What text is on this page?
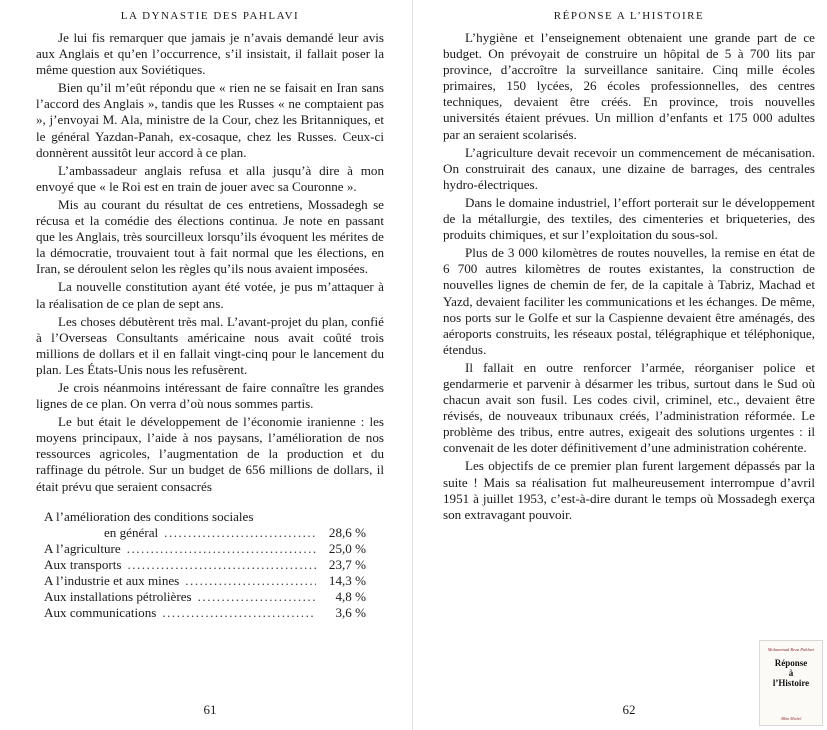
LA DYNASTIE DES PAHLAVI

Je lui fis remarquer que jamais je n’avais demandé leur avis aux Anglais et qu’en l’occurrence, s’il insistait, il fallait poser la même question aux Soviétiques.

Bien qu’il m’eût répondu que « rien ne se faisait en Iran sans l’accord des Anglais », tandis que les Russes « ne comptaient pas », j’envoyai M. Ala, ministre de la Cour, chez les Britanniques, et le général Yazdan-Panah, ex-cosaque, chez les Russes. Ceux-ci donnèrent aussitôt leur accord à ce plan.

L’ambassadeur anglais refusa et alla jusqu’à dire à mon envoyé que « le Roi est en train de jouer avec sa Couronne ».

Mis au courant du résultat de ces entretiens, Mossadegh se récusa et la comédie des élections continua. Je note en passant que les Anglais, très sourcilleux lorsqu’ils évoquent les mérites de la démocratie, trouvaient tout à fait normal que les élections, en Iran, se déroulent selon les règles qu’ils nous avaient imposées.

La nouvelle constitution ayant été votée, je pus m’attaquer à la réalisation de ce plan de sept ans.

Les choses débutèrent très mal. L’avant-projet du plan, confié à l’Overseas Consultants américaine nous avait coûté trois millions de dollars et il en fallait vingt-cinq pour le lancement du plan. Les États-Unis nous les refusèrent.

Je crois néanmoins intéressant de faire connaître les grandes lignes de ce plan. On verra d’où nous sommes partis.

Le but était le développement de l’économie iranienne : les moyens principaux, l’aide à nos paysans, l’amélioration de nos ressources agricoles, l’augmentation de la production et du raffinage du pétrole. Sur un budget de 656 millions de dollars, il était prévu que seraient consacrés

A l’amélioration des conditions sociales
en général .....	28,6 %
A l’agriculture .....	25,0 %
Aux transports .....	23,7 %
A l’industrie et aux mines .....	14,3 %
Aux installations pétrolières .....	4,8 %
Aux communications .....	3,6 %
61
RÉPONSE A L’HISTOIRE

L’hygiène et l’enseignement obtenaient une grande part de ce budget. On prévoyait de construire un hôpital de 5 à 700 lits par province, d’accroître la surveillance sanitaire. Cinq mille écoles primaires, 150 lycées, 26 écoles professionnelles, des centres techniques, devaient être créés. En province, trois nouvelles universités étaient prévues. Un million d’enfants et 175 000 adultes par an seraient scolarisés.

L’agriculture devait recevoir un commencement de mécanisation. On construirait des canaux, une dizaine de barrages, des centrales hydro-électriques.

Dans le domaine industriel, l’effort porterait sur le développement de la métallurgie, des textiles, des cimenteries et briqueteries, des produits chimiques, et sur l’exploitation du sous-sol.

Plus de 3 000 kilomètres de routes nouvelles, la remise en état de 6 700 autres kilomètres de routes existantes, la construction de nouvelles lignes de chemin de fer, de la capitale à Tabriz, Machad et Yazd, devaient faciliter les communications et les échanges. De même, nos ports sur le Golfe et sur la Caspienne devaient être aménagés, des aéroports construits, les réseaux postal, télégraphique et téléphonique, étendus.

Il fallait en outre renforcer l’armée, réorganiser police et gendarmerie et parvenir à désarmer les tribus, surtout dans le Sud où chacun avait son fusil. Les codes civil, criminel, etc., devaient être révisés, de nouveaux tribunaux créés, l’administration réformée. Le problème des tribus, entre autres, exigeait des solutions urgentes : il convenait de les doter définitivement d’une administration cohérente.

Les objectifs de ce premier plan furent largement dépassés par la suite ! Mais sa réalisation fut malheureusement interrompue d’avril 1951 à juillet 1953, c’est-à-dire durant le temps où Mossadegh exerça son extravagant pouvoir.

62
Mohammad Reza Pahlavi
Réponse
à
l’Histoire
Albin Michel
